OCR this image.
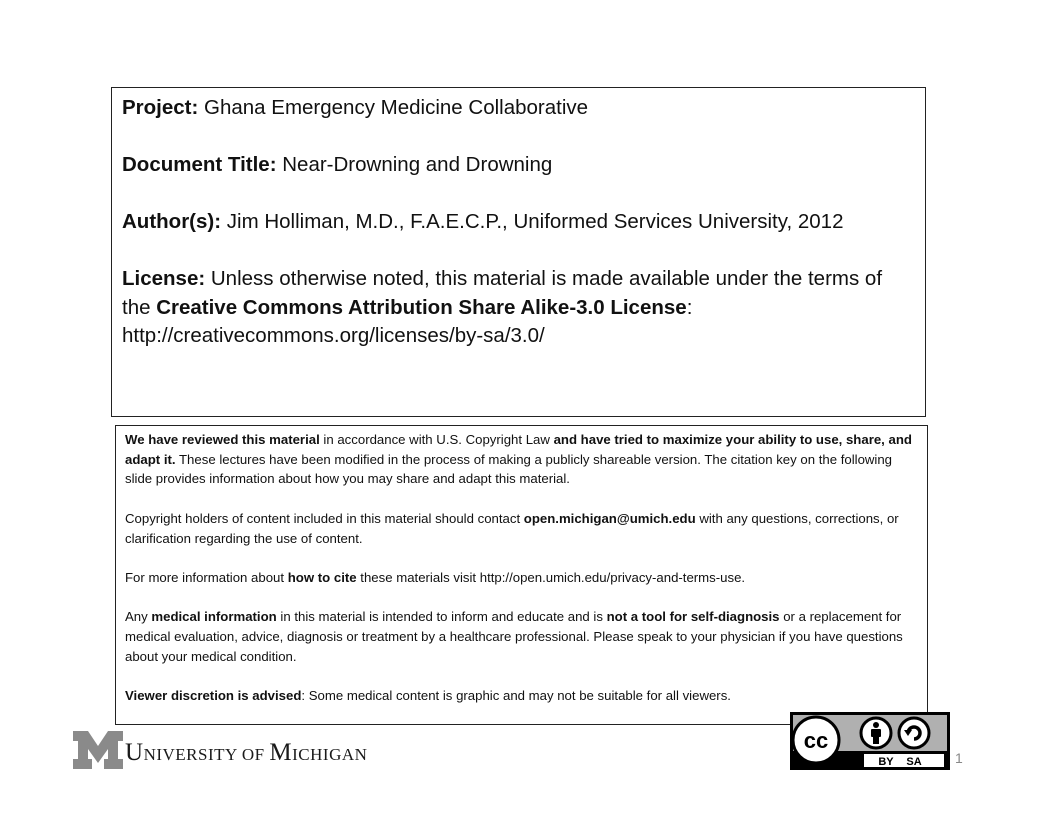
Project: Ghana Emergency Medicine Collaborative

Document Title: Near-Drowning and Drowning

Author(s): Jim Holliman, M.D., F.A.E.C.P., Uniformed Services University, 2012

License: Unless otherwise noted, this material is made available under the terms of the Creative Commons Attribution Share Alike-3.0 License:
http://creativecommons.org/licenses/by-sa/3.0/

We have reviewed this material in accordance with U.S. Copyright Law and have tried to maximize your ability to use, share, and adapt it. These lectures have been modified in the process of making a publicly shareable version. The citation key on the following slide provides information about how you may share and adapt this material.

Copyright holders of content included in this material should contact open.michigan@umich.edu with any questions, corrections, or clarification regarding the use of content.

For more information about how to cite these materials visit http://open.umich.edu/privacy-and-terms-use.

Any medical information in this material is intended to inform and educate and is not a tool for self-diagnosis or a replacement for medical evaluation, advice, diagnosis or treatment by a healthcare professional. Please speak to your physician if you have questions about your medical condition.

Viewer discretion is advised: Some medical content is graphic and may not be suitable for all viewers.

UNIVERSITY OF MICHIGAN
cc
BY SA 1
